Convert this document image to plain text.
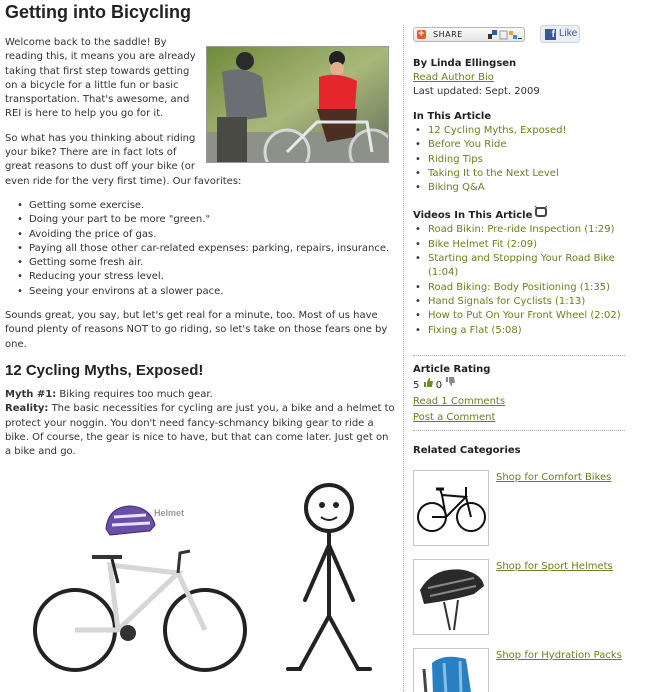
Getting into Bicycling

Welcome back to the saddle! By reading this, it means you are already taking that first step towards getting on a bicycle for a little fun or basic transportation. That's awesome, and REI is here to help you go for it.

So what has you thinking about riding your bike? There are in fact lots of great reasons to dust off your bike (or even ride for the very first time). Our favorites:

• Getting some exercise.
• Doing your part to be more "green."
• Avoiding the price of gas.
• Paying all those other car-related expenses: parking, repairs, insurance.
• Getting some fresh air.
• Reducing your stress level.
• Seeing your environs at a slower pace.

Sounds great, you say, but let's get real for a minute, too. Most of us have found plenty of reasons NOT to go riding, so let's take on those fears one by one.

12 Cycling Myths, Exposed!

Myth #1: Biking requires too much gear.
Reality: The basic necessities for cycling are just you, a bike and a helmet to protect your noggin. You don't need fancy-schmancy biking gear to ride a bike. Of course, the gear is nice to have, but that can come later. Just get on a bike and go.

Helmet
+ SHARE	f Like
By Linda Ellingsen
Read Author Bio
Last updated: Sept. 2009
In This Article
• 12 Cycling Myths, Exposed!
• Before You Ride
• Riding Tips
• Taking It to the Next Level
• Biking Q&A
Videos In This Article
• Road Bikin: Pre-ride Inspection (1:29)
• Bike Helmet Fit (2:09)
• Starting and Stopping Your Road Bike (1:04)
• Road Biking: Body Positioning (1:35)
• Hand Signals for Cyclists (1:13)
• How to Put On Your Front Wheel (2:02)
• Fixing a Flat (5:08)
Article Rating
5 0
Read 1 Comments
Post a Comment
Related Categories
Shop for Comfort Bikes
Shop for Sport Helmets
Shop for Hydration Packs
